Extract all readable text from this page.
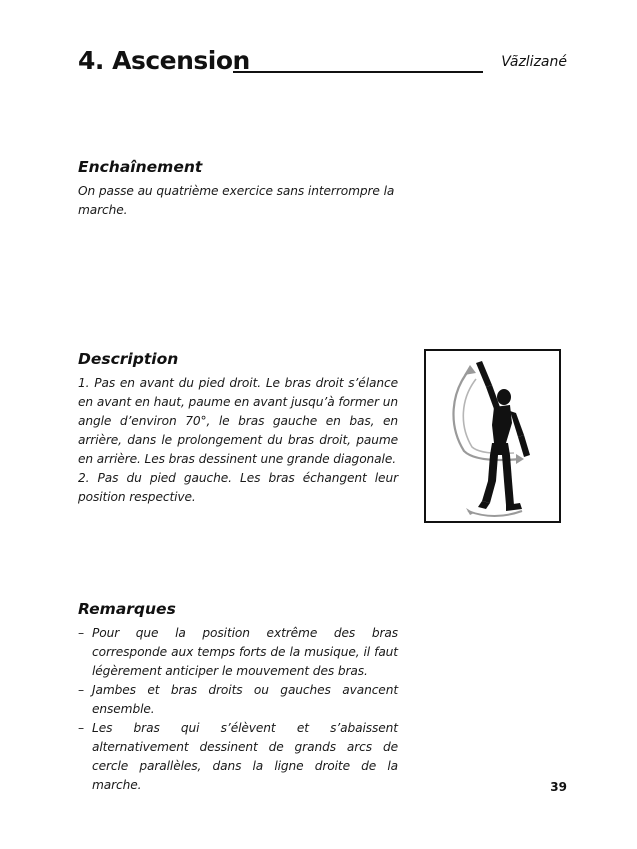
4. Ascension	Vãzlizané
Enchaînement
On passe au quatrième exercice sans interrompre la marche.
Description
1. Pas en avant du pied droit. Le bras droit s’élance en avant en haut, paume en avant jusqu’à former un angle d’environ 70°, le bras gauche en bas, en arrière, dans le prolongement du bras droit, paume en arrière. Les bras dessinent une grande diagonale.
2. Pas du pied gauche. Les bras échangent leur position respective.
Remarques
– Pour que la position extrême des bras corresponde aux temps forts de la musique, il faut légèrement anticiper le mouvement des bras.
– Jambes et bras droits ou gauches avancent ensemble.
– Les bras qui s’élèvent et s’abaissent alternativement dessinent de grands arcs de cercle parallèles, dans la ligne droite de la marche.	39
